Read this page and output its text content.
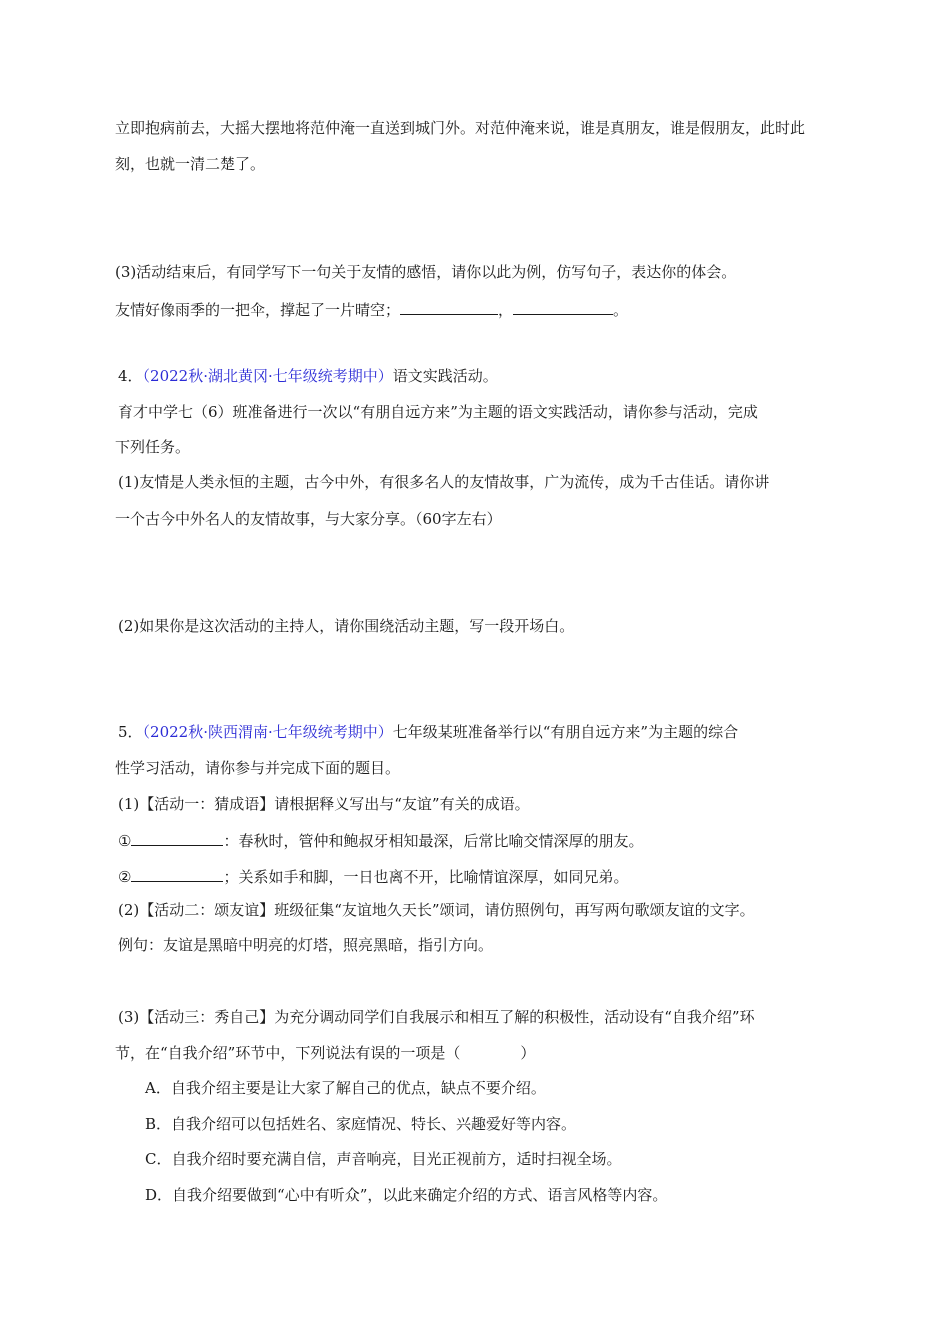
立即抱病前去，大摇大摆地将范仲淹一直送到城门外。对范仲淹来说，谁是真朋友，谁是假朋友，此时此
刻，也就一清二楚了。
(3)活动结束后，有同学写下一句关于友情的感悟，请你以此为例，仿写句子，表达你的体会。
友情好像雨季的一把伞，撑起了一片晴空；	，	。
4．（2022秋·湖北黄冈·七年级统考期中）语文实践活动。
育才中学七（6）班准备进行一次以“有朋自远方来”为主题的语文实践活动，请你参与活动，完成
下列任务。
(1)友情是人类永恒的主题，古今中外，有很多名人的友情故事，广为流传，成为千古佳话。请你讲
一个古今中外名人的友情故事，与大家分享。（60字左右）
(2)如果你是这次活动的主持人，请你围绕活动主题，写一段开场白。
5．（2022秋·陕西渭南·七年级统考期中）七年级某班准备举行以“有朋自远方来”为主题的综合
性学习活动，请你参与并完成下面的题目。
(1)【活动一：猜成语】请根据释义写出与“友谊”有关的成语。
①	：春秋时，管仲和鲍叔牙相知最深，后常比喻交情深厚的朋友。
②	；关系如手和脚，一日也离不开，比喻情谊深厚，如同兄弟。
(2)【活动二：颂友谊】班级征集“友谊地久天长”颂词，请仿照例句，再写两句歌颂友谊的文字。
例句：友谊是黑暗中明亮的灯塔，照亮黑暗，指引方向。
(3)【活动三：秀自己】为充分调动同学们自我展示和相互了解的积极性，活动设有“自我介绍”环
节，在“自我介绍”环节中，下列说法有误的一项是（　　　　）
A．自我介绍主要是让大家了解自己的优点，缺点不要介绍。
B．自我介绍可以包括姓名、家庭情况、特长、兴趣爱好等内容。
C．自我介绍时要充满自信，声音响亮，目光正视前方，适时扫视全场。
D．自我介绍要做到“心中有听众”，以此来确定介绍的方式、语言风格等内容。
